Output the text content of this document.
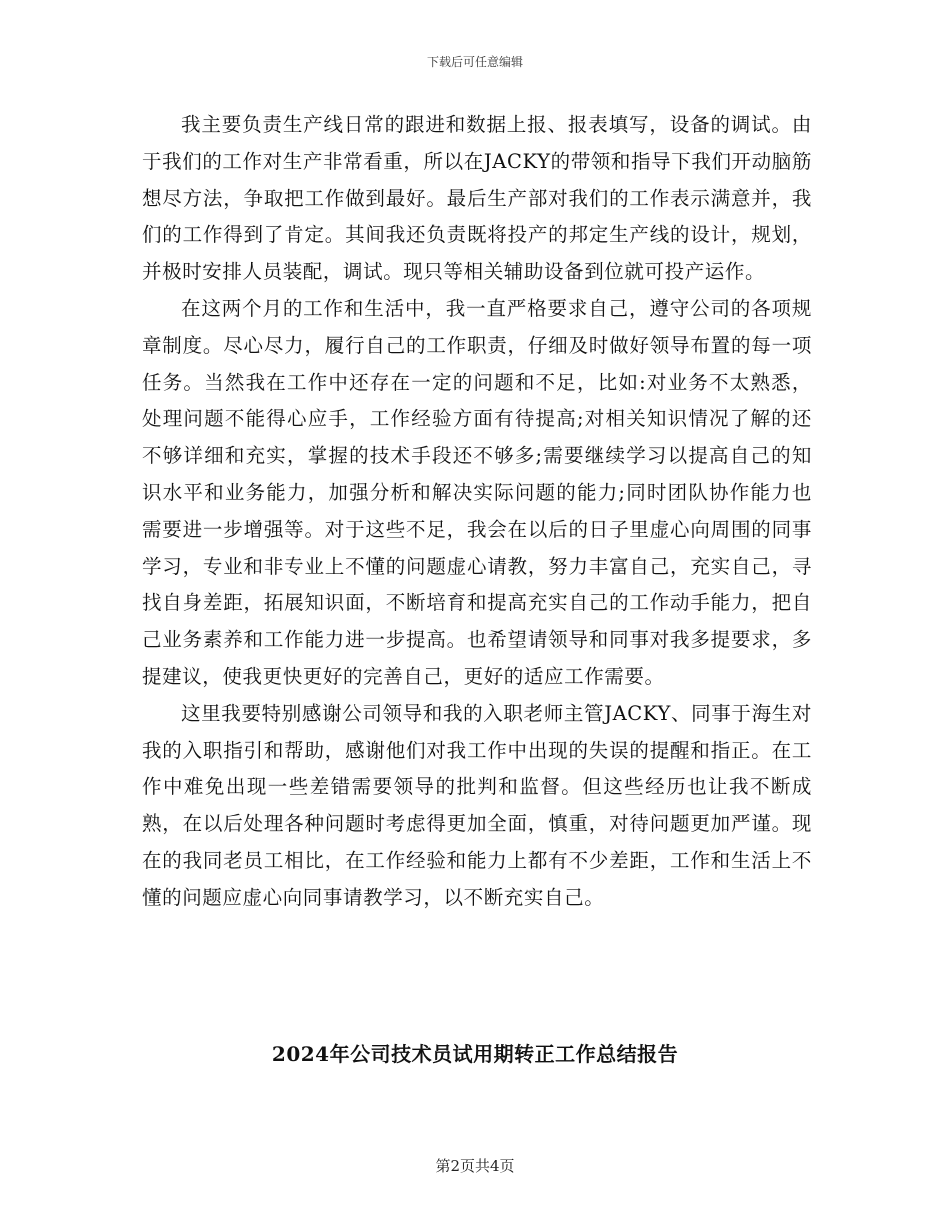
下载后可任意编辑

我主要负责生产线日常的跟进和数据上报、报表填写，设备的调试。由于我们的工作对生产非常看重，所以在JACKY的带领和指导下我们开动脑筋想尽方法，争取把工作做到最好。最后生产部对我们的工作表示满意并，我们的工作得到了肯定。其间我还负责既将投产的邦定生产线的设计，规划，并极时安排人员装配，调试。现只等相关辅助设备到位就可投产运作。

在这两个月的工作和生活中，我一直严格要求自己，遵守公司的各项规章制度。尽心尽力，履行自己的工作职责，仔细及时做好领导布置的每一项任务。当然我在工作中还存在一定的问题和不足，比如:对业务不太熟悉，处理问题不能得心应手，工作经验方面有待提高;对相关知识情况了解的还不够详细和充实，掌握的技术手段还不够多;需要继续学习以提高自己的知识水平和业务能力，加强分析和解决实际问题的能力;同时团队协作能力也需要进一步增强等。对于这些不足，我会在以后的日子里虚心向周围的同事学习，专业和非专业上不懂的问题虚心请教，努力丰富自己，充实自己，寻找自身差距，拓展知识面，不断培育和提高充实自己的工作动手能力，把自己业务素养和工作能力进一步提高。也希望请领导和同事对我多提要求，多提建议，使我更快更好的完善自己，更好的适应工作需要。

这里我要特别感谢公司领导和我的入职老师主管JACKY、同事于海生对我的入职指引和帮助，感谢他们对我工作中出现的失误的提醒和指正。在工作中难免出现一些差错需要领导的批判和监督。但这些经历也让我不断成熟，在以后处理各种问题时考虑得更加全面，慎重，对待问题更加严谨。现在的我同老员工相比，在工作经验和能力上都有不少差距，工作和生活上不懂的问题应虚心向同事请教学习，以不断充实自己。

2024年公司技术员试用期转正工作总结报告
第2页共4页
